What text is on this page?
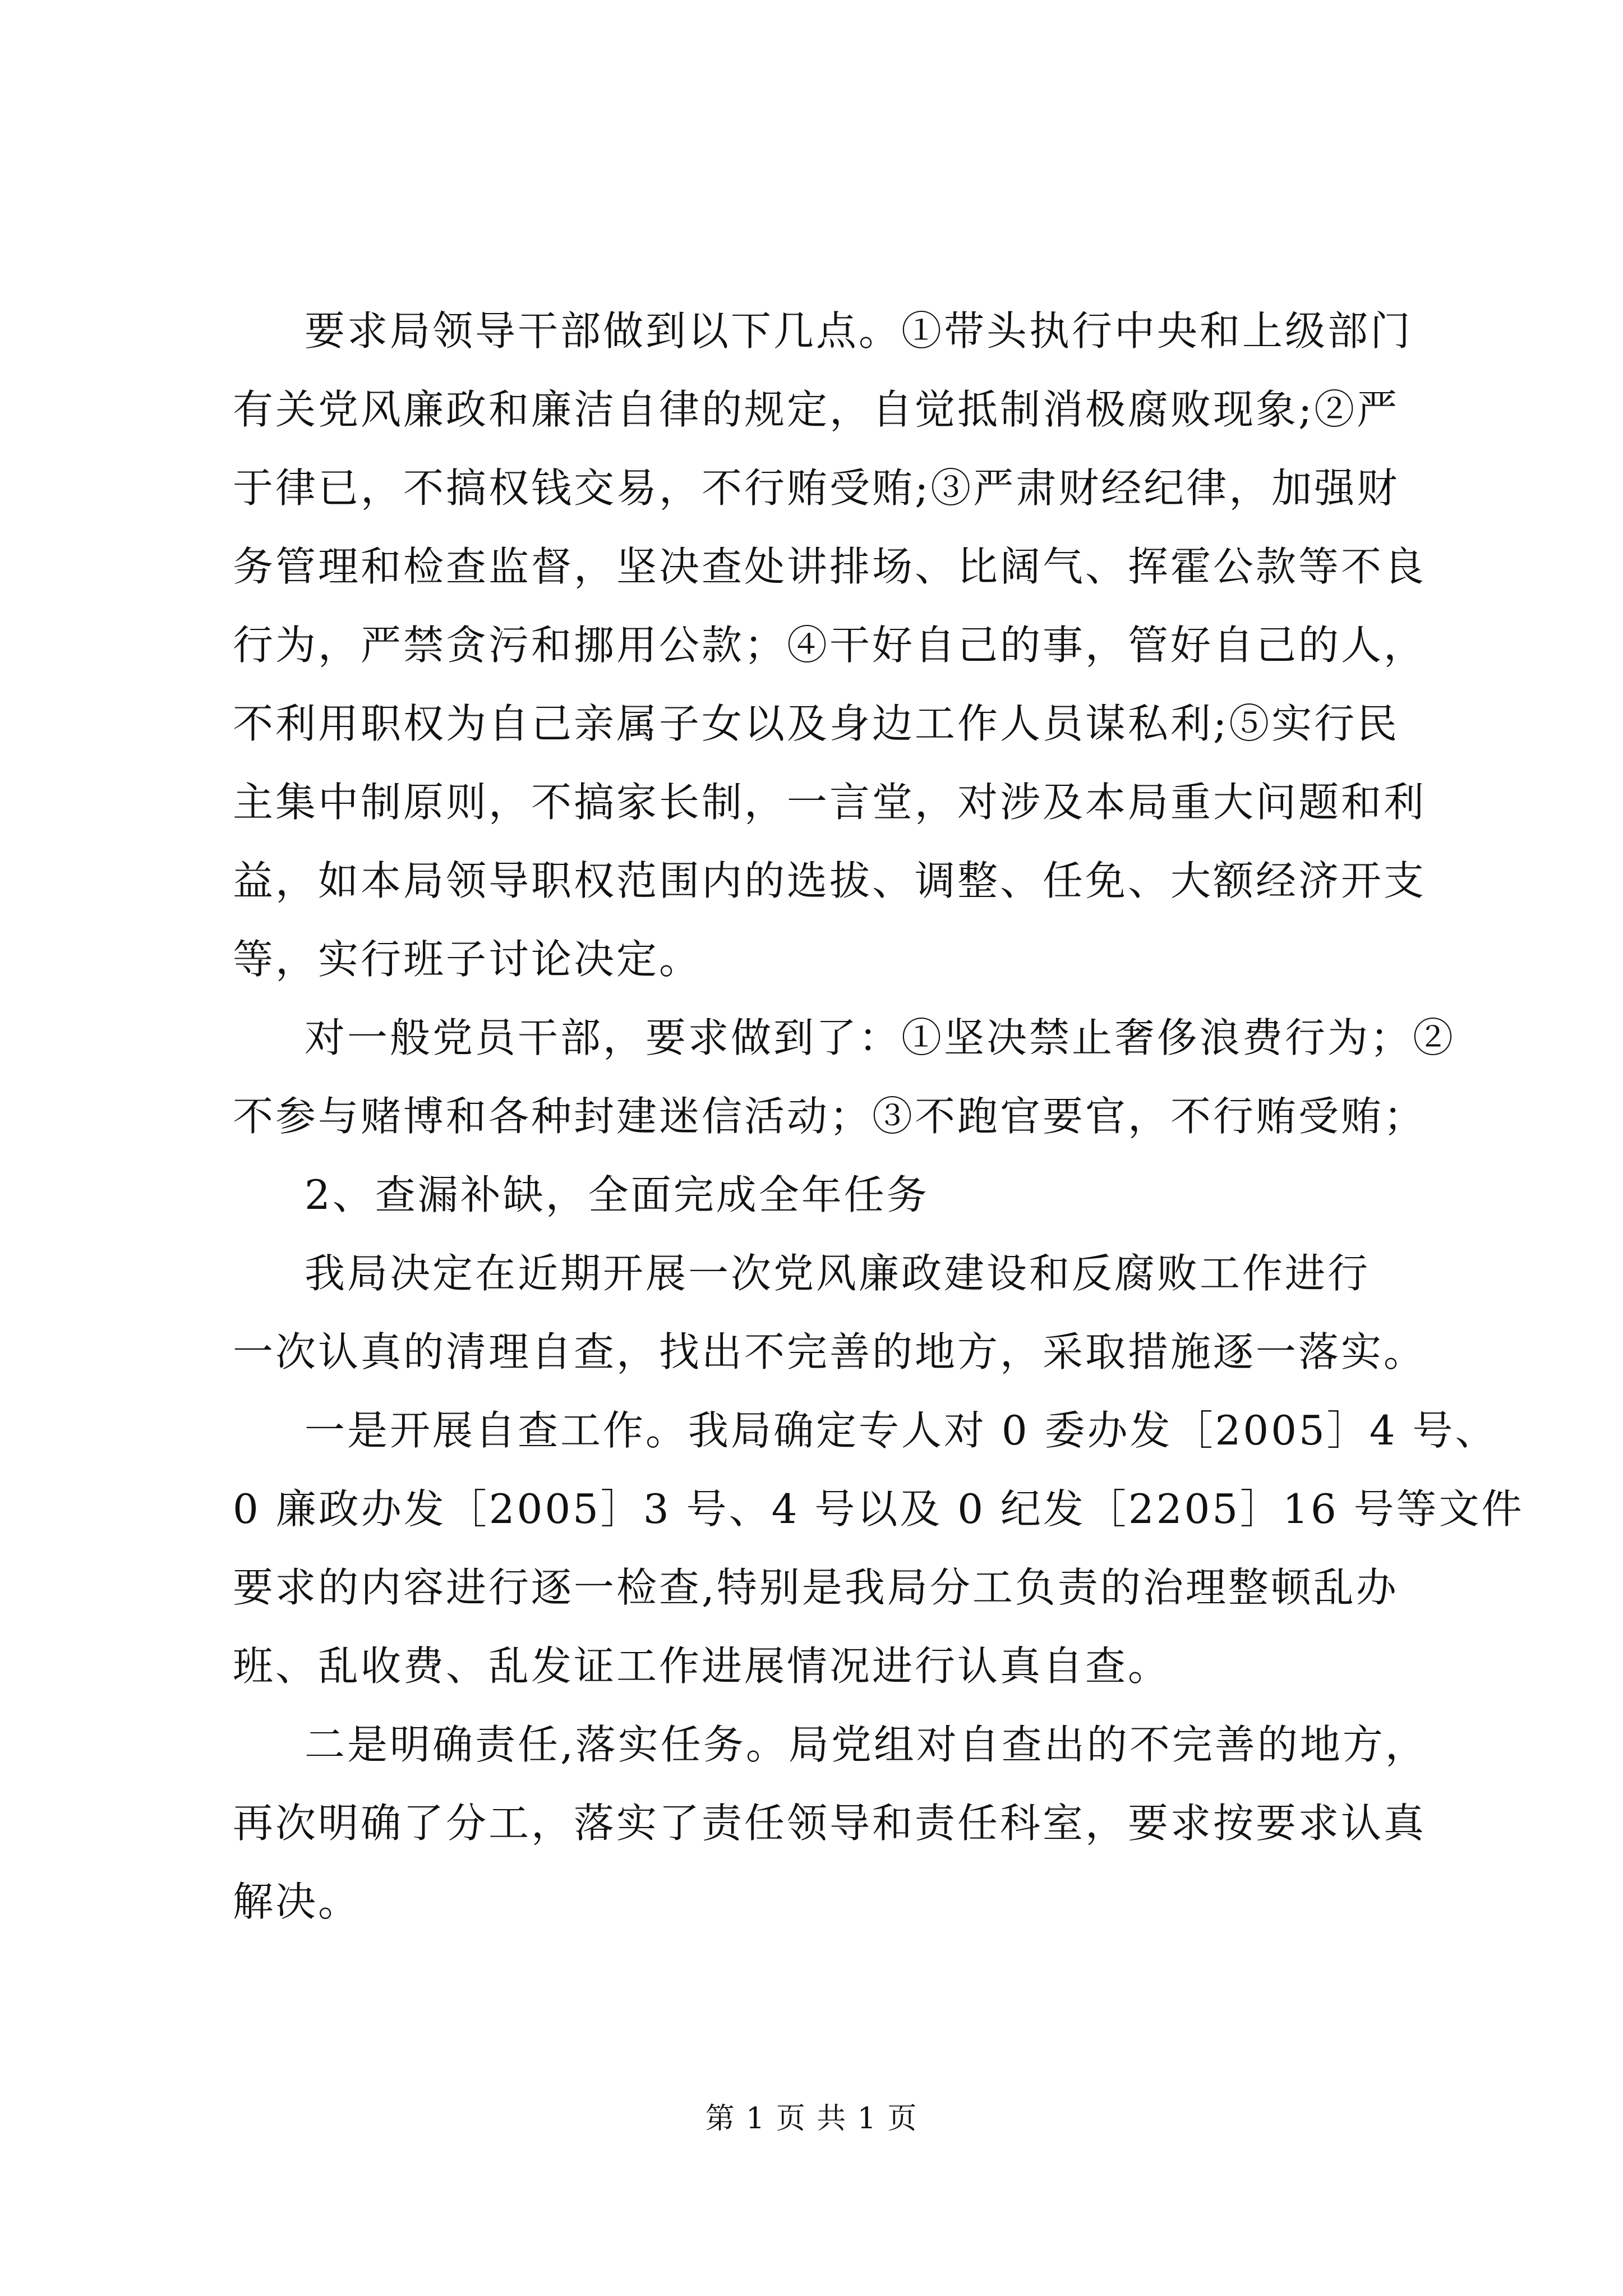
要求局领导干部做到以下几点。①带头执行中央和上级部门
有关党风廉政和廉洁自律的规定，自觉抵制消极腐败现象;②严
于律已，不搞权钱交易，不行贿受贿;③严肃财经纪律，加强财
务管理和检查监督，坚决查处讲排场、比阔气、挥霍公款等不良
行为，严禁贪污和挪用公款；④干好自己的事，管好自己的人，
不利用职权为自己亲属子女以及身边工作人员谋私利;⑤实行民
主集中制原则，不搞家长制，一言堂，对涉及本局重大问题和利
益，如本局领导职权范围内的选拔、调整、任免、大额经济开支
等，实行班子讨论决定。
对一般党员干部，要求做到了：①坚决禁止奢侈浪费行为；②
不参与赌博和各种封建迷信活动；③不跑官要官，不行贿受贿；
2、查漏补缺，全面完成全年任务
我局决定在近期开展一次党风廉政建设和反腐败工作进行
一次认真的清理自查，找出不完善的地方，采取措施逐一落实。
一是开展自查工作。我局确定专人对 0 委办发［2005］4 号、
0 廉政办发［2005］3 号、4 号以及 0 纪发［2205］16 号等文件
要求的内容进行逐一检查,特别是我局分工负责的治理整顿乱办
班、乱收费、乱发证工作进展情况进行认真自查。
二是明确责任,落实任务。局党组对自查出的不完善的地方，
再次明确了分工，落实了责任领导和责任科室，要求按要求认真
解决。
第 1 页 共 1 页
